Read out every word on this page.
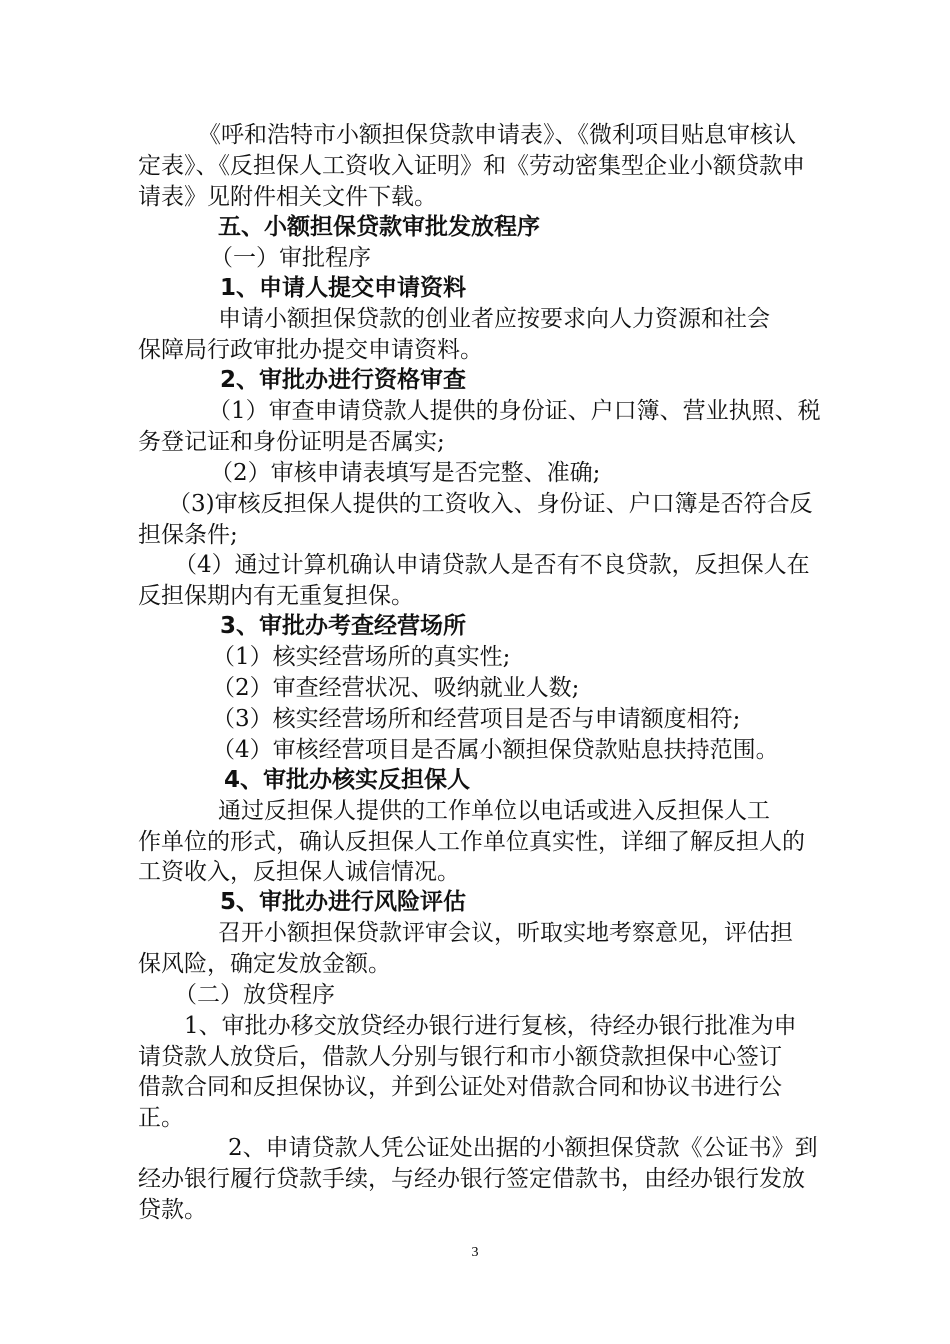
《呼和浩特市小额担保贷款申请表》、《微利项目贴息审核认
定表》、《反担保人工资收入证明》和《劳动密集型企业小额贷款申
请表》见附件相关文件下载。
五、小额担保贷款审批发放程序
（一）审批程序
1、申请人提交申请资料
申请小额担保贷款的创业者应按要求向人力资源和社会
保障局行政审批办提交申请资料。
2、审批办进行资格审查
（1）审查申请贷款人提供的身份证、户口簿、营业执照、税
务登记证和身份证明是否属实;
（2）审核申请表填写是否完整、准确;
（3)审核反担保人提供的工资收入、身份证、户口簿是否符合反
担保条件;
（4）通过计算机确认申请贷款人是否有不良贷款，反担保人在
反担保期内有无重复担保。
3、审批办考查经营场所
（1）核实经营场所的真实性;
（2）审查经营状况、吸纳就业人数;
（3）核实经营场所和经营项目是否与申请额度相符;
（4）审核经营项目是否属小额担保贷款贴息扶持范围。
4、审批办核实反担保人
通过反担保人提供的工作单位以电话或进入反担保人工
作单位的形式，确认反担保人工作单位真实性，详细了解反担人的
工资收入，反担保人诚信情况。
5、审批办进行风险评估
召开小额担保贷款评审会议，听取实地考察意见，评估担
保风险，确定发放金额。
（二）放贷程序
1、审批办移交放贷经办银行进行复核，待经办银行批准为申
请贷款人放贷后，借款人分别与银行和市小额贷款担保中心签订
借款合同和反担保协议，并到公证处对借款合同和协议书进行公
正。
2、申请贷款人凭公证处出据的小额担保贷款《公证书》到
经办银行履行贷款手续，与经办银行签定借款书，由经办银行发放
贷款。
3
